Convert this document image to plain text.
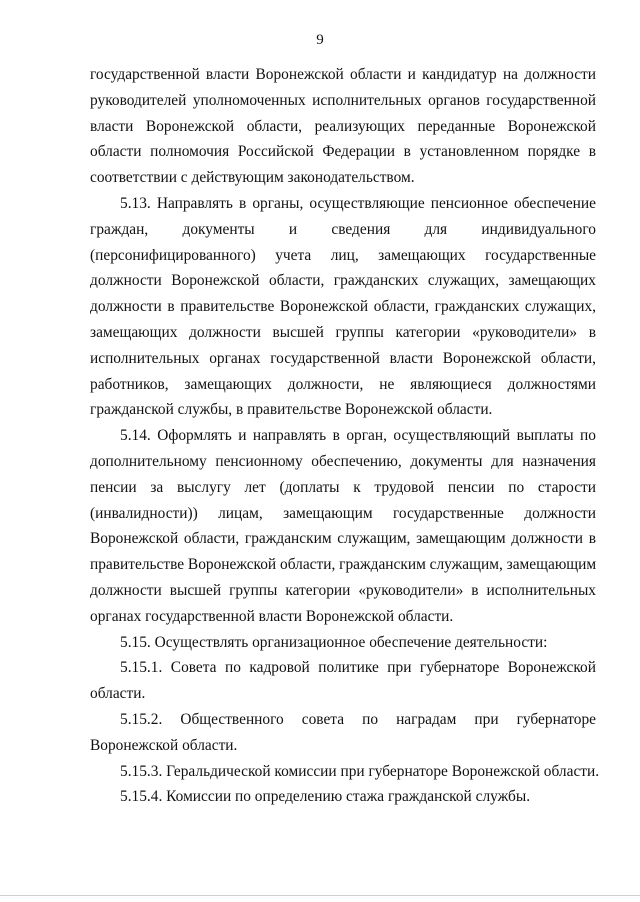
9

государственной власти Воронежской области и кандидатур на должности
руководителей уполномоченных исполнительных органов государственной
власти Воронежской области, реализующих переданные Воронежской
области полномочия Российской Федерации в установленном порядке в
соответствии с действующим законодательством.

5.13. Направлять в органы, осуществляющие пенсионное обеспечение
граждан, документы и сведения для индивидуального
(персонифицированного) учета лиц, замещающих государственные
должности Воронежской области, гражданских служащих, замещающих
должности в правительстве Воронежской области, гражданских служащих,
замещающих должности высшей группы категории «руководители» в
исполнительных органах государственной власти Воронежской области,
работников, замещающих должности, не являющиеся должностями
гражданской службы, в правительстве Воронежской области.

5.14. Оформлять и направлять в орган, осуществляющий выплаты по
дополнительному пенсионному обеспечению, документы для назначения
пенсии за выслугу лет (доплаты к трудовой пенсии по старости
(инвалидности)) лицам, замещающим государственные должности
Воронежской области, гражданским служащим, замещающим должности в
правительстве Воронежской области, гражданским служащим, замещающим
должности высшей группы категории «руководители» в исполнительных
органах государственной власти Воронежской области.

5.15. Осуществлять организационное обеспечение деятельности:

5.15.1. Совета по кадровой политике при губернаторе Воронежской
области.

5.15.2. Общественного совета по наградам при губернаторе
Воронежской области.

5.15.3. Геральдической комиссии при губернаторе Воронежской области.

5.15.4. Комиссии по определению стажа гражданской службы.
